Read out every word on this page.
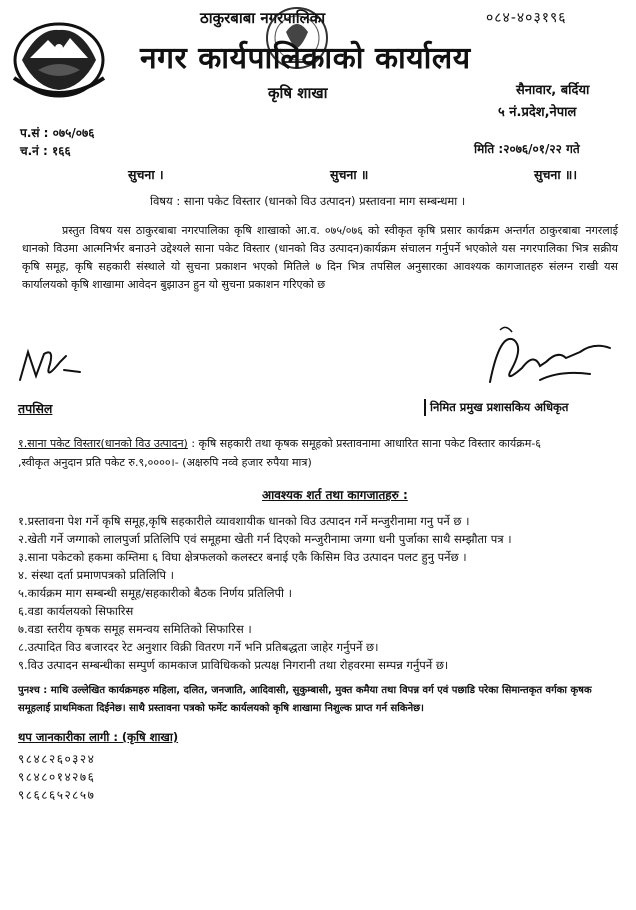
ठाकुरबाबा नगरपालिका	०८४-४०३१९६
नगर कार्यपालिकाको कार्यालय
कृषि शाखा	सैनावार, बर्दिया
५ नं.प्रदेश,नेपाल
प.सं : ०७५/०७६
च.नं : १६६	मिति :२०७६/०१/२२ गते
सुचना ।	सुचना ॥	सुचना ॥।
विषय : साना पकेट विस्तार (धानको विउ उत्पादन) प्रस्तावना माग सम्बन्धमा ।

प्रस्तुत विषय यस ठाकुरबाबा नगरपालिका कृषि शाखाको आ.व. ०७५/०७६ को स्वीकृत कृषि प्रसार कार्यक्रम अन्तर्गत ठाकुरबाबा नगरलाई धानको विउमा आत्मनिर्भर बनाउने उद्देश्यले साना पकेट विस्तार (धानको विउ उत्पादन)कार्यक्रम संचालन गर्नुपर्ने भएकोले यस नगरपालिका भित्र सक्रीय कृषि समूह, कृषि सहकारी संस्थाले यो सुचना प्रकाशन भएको मितिले ७ दिन भित्र तपसिल अनुसारका आवश्यक कागजातहरु संलग्न राखी यस कार्यालयको कृषि शाखामा आवेदन बुझाउन हुन यो सुचना प्रकाशन गरिएको छ

तपसिल	निमित प्रमुख प्रशासकिय अधिकृत

१.साना पकेट विस्तार(धानको विउ उत्पादन) : कृषि सहकारी तथा कृषक समूहको प्रस्तावनामा आधारित साना पकेट विस्तार कार्यक्रम-६
,स्वीकृत अनुदान प्रति पकेट रु.९,००००।- (अक्षरुपि नव्वे हजार रुपैया मात्र)

आवश्यक शर्त तथा कागजातहरु :
१.प्रस्तावना पेश गर्ने कृषि समूह,कृषि सहकारीले व्यावशायीक धानको विउ उत्पादन गर्ने मन्जुरीनामा गनु पर्ने छ ।
२.खेती गर्ने जग्गाको लालपुर्जा प्रतिलिपि एवं समूहमा खेती गर्न दिएको मन्जुरीनामा जग्गा धनी पुर्जाका साथै सम्झौता पत्र ।
३.साना पकेटको हकमा कम्तिमा ६ विघा क्षेत्रफलको कलस्टर बनाई एकै किसिम विउ उत्पादन पलट हुनु पर्नेछ ।
४. संस्था दर्ता प्रमाणपत्रको प्रतिलिपि ।
५.कार्यक्रम माग सम्बन्धी समूह/सहकारीको बैठक निर्णय प्रतिलिपी ।
६.वडा कार्यलयको सिफारिस
७.वडा स्तरीय कृषक समूह समन्वय समितिको सिफारिस ।
८.उत्पादित विउ बजारदर रेट अनुशार विक्री वितरण गर्ने भनि प्रतिबद्धता जाहेर गर्नुपर्ने छ।
९.विउ उत्पादन सम्बन्धीका सम्पुर्ण कामकाज प्राविधिकको प्रत्यक्ष निगरानी तथा रोहवरमा सम्पन्न गर्नुपर्ने छ।

पुनश्च : माथि उल्लेखित कार्यक्रमहरु महिला, दलित, जनजाति, आदिवासी, सुकुम्बासी, मुक्त कमैया तथा विपन्न वर्ग एवं पछाडि परेका सिमान्तकृत वर्गका कृषक समूहलाई प्राथमिकता दिईनेछ। साथै प्रस्तावना पत्रको फर्मेट कार्यलयको कृषि शाखामा निशुल्क प्राप्त गर्न सकिनेछ।

थप जानकारीका लागी : (कृषि शाखा)
९८४८२६०३२४
९८४८०१४२७६
९८६८६५२८५७
